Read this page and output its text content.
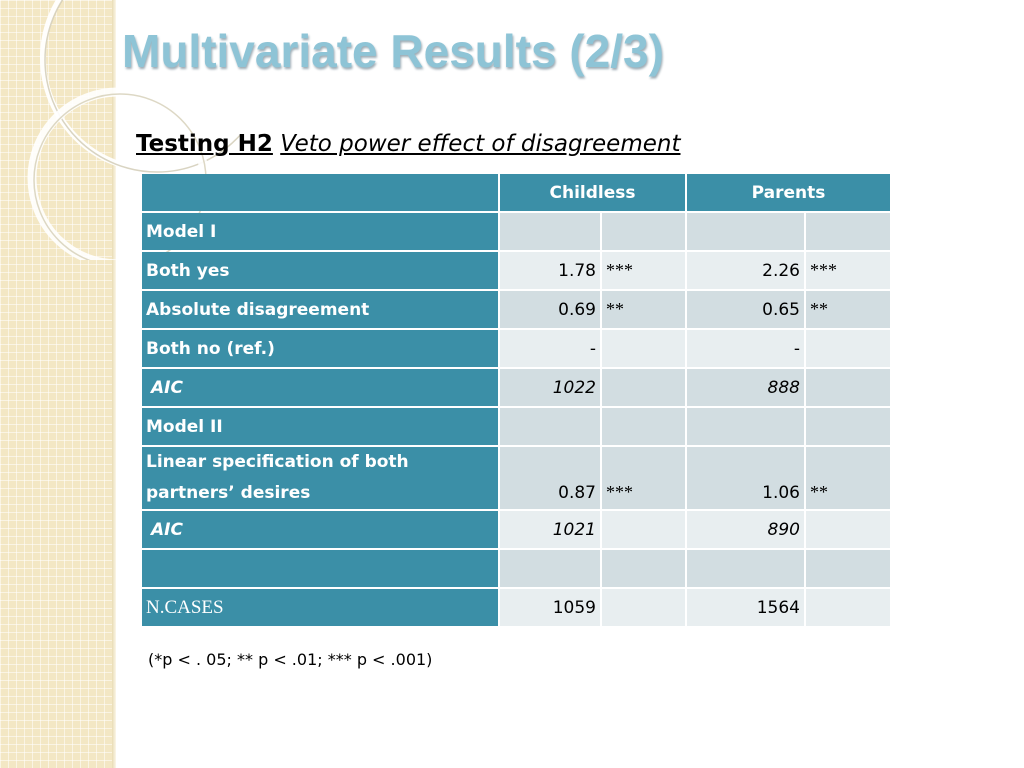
Multivariate Results (2/3)
Testing H2 Veto power effect of disagreement
	Childless		Parents	
Model I				
Both yes	1.78	***	2.26	***
Absolute disagreement	0.69	**	0.65	**
Both no (ref.)	-		-	
AIC	1022		888	
Model II				
Linear specification of both partners’ desires	0.87	***	1.06	**
AIC	1021		890	

N.CASES	1059		1564	
(*p < . 05; ** p < .01; *** p < .001)
